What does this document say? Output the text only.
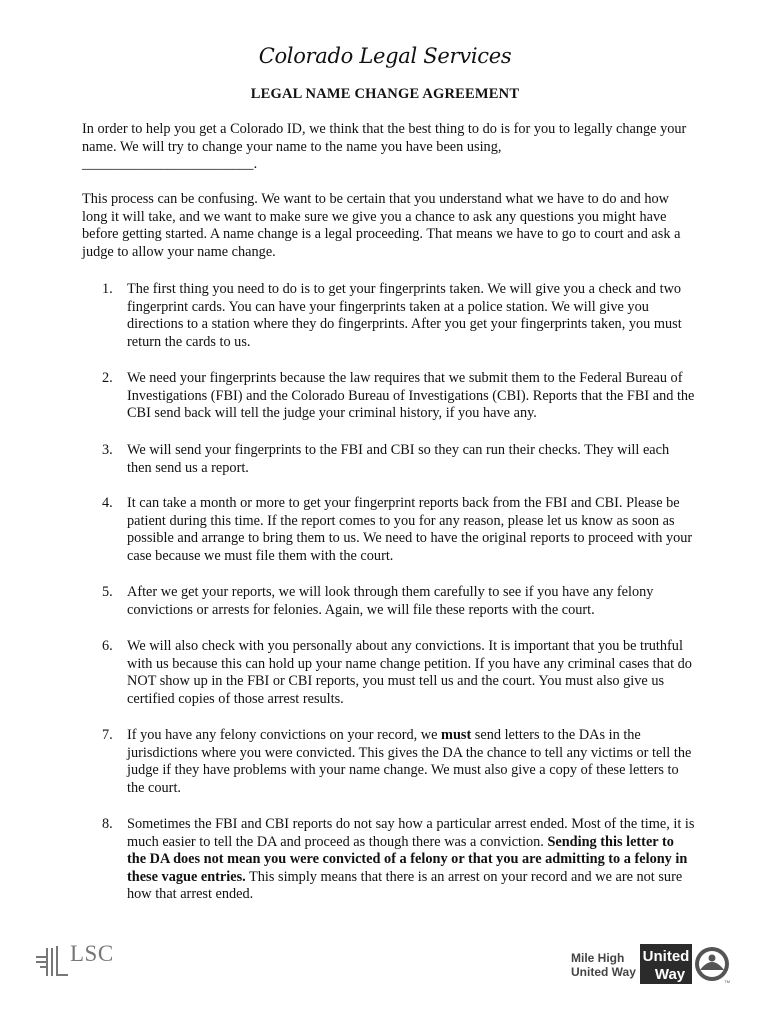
Colorado Legal Services
LEGAL NAME CHANGE AGREEMENT

In order to help you get a Colorado ID, we think that the best thing to do is for you to legally change your name. We will try to change your name to the name you have been using,
________________________.

This process can be confusing. We want to be certain that you understand what we have to do and how long it will take, and we want to make sure we give you a chance to ask any questions you might have before getting started. A name change is a legal proceeding. That means we have to go to court and ask a judge to allow your name change.

1. The first thing you need to do is to get your fingerprints taken. We will give you a check and two fingerprint cards. You can have your fingerprints taken at a police station. We will give you directions to a station where they do fingerprints. After you get your fingerprints taken, you must return the cards to us.
2. We need your fingerprints because the law requires that we submit them to the Federal Bureau of Investigations (FBI) and the Colorado Bureau of Investigations (CBI). Reports that the FBI and the CBI send back will tell the judge your criminal history, if you have any.
3. We will send your fingerprints to the FBI and CBI so they can run their checks. They will each then send us a report.
4. It can take a month or more to get your fingerprint reports back from the FBI and CBI. Please be patient during this time. If the report comes to you for any reason, please let us know as soon as possible and arrange to bring them to us. We need to have the original reports to proceed with your case because we must file them with the court.
5. After we get your reports, we will look through them carefully to see if you have any felony convictions or arrests for felonies. Again, we will file these reports with the court.
6. We will also check with you personally about any convictions. It is important that you be truthful with us because this can hold up your name change petition. If you have any criminal cases that do NOT show up in the FBI or CBI reports, you must tell us and the court. You must also give us certified copies of those arrest results.
7. If you have any felony convictions on your record, we must send letters to the DAs in the jurisdictions where you were convicted. This gives the DA the chance to tell any victims or tell the judge if they have problems with your name change. We must also give a copy of these letters to the court.
8. Sometimes the FBI and CBI reports do not say how a particular arrest ended. Most of the time, it is much easier to tell the DA and proceed as though there was a conviction. Sending this letter to the DA does not mean you were convicted of a felony or that you are admitting to a felony in these vague entries. This simply means that there is an arrest on your record and we are not sure how that arrest ended.
LSC	Mile High
United Way
United
Way	TM
